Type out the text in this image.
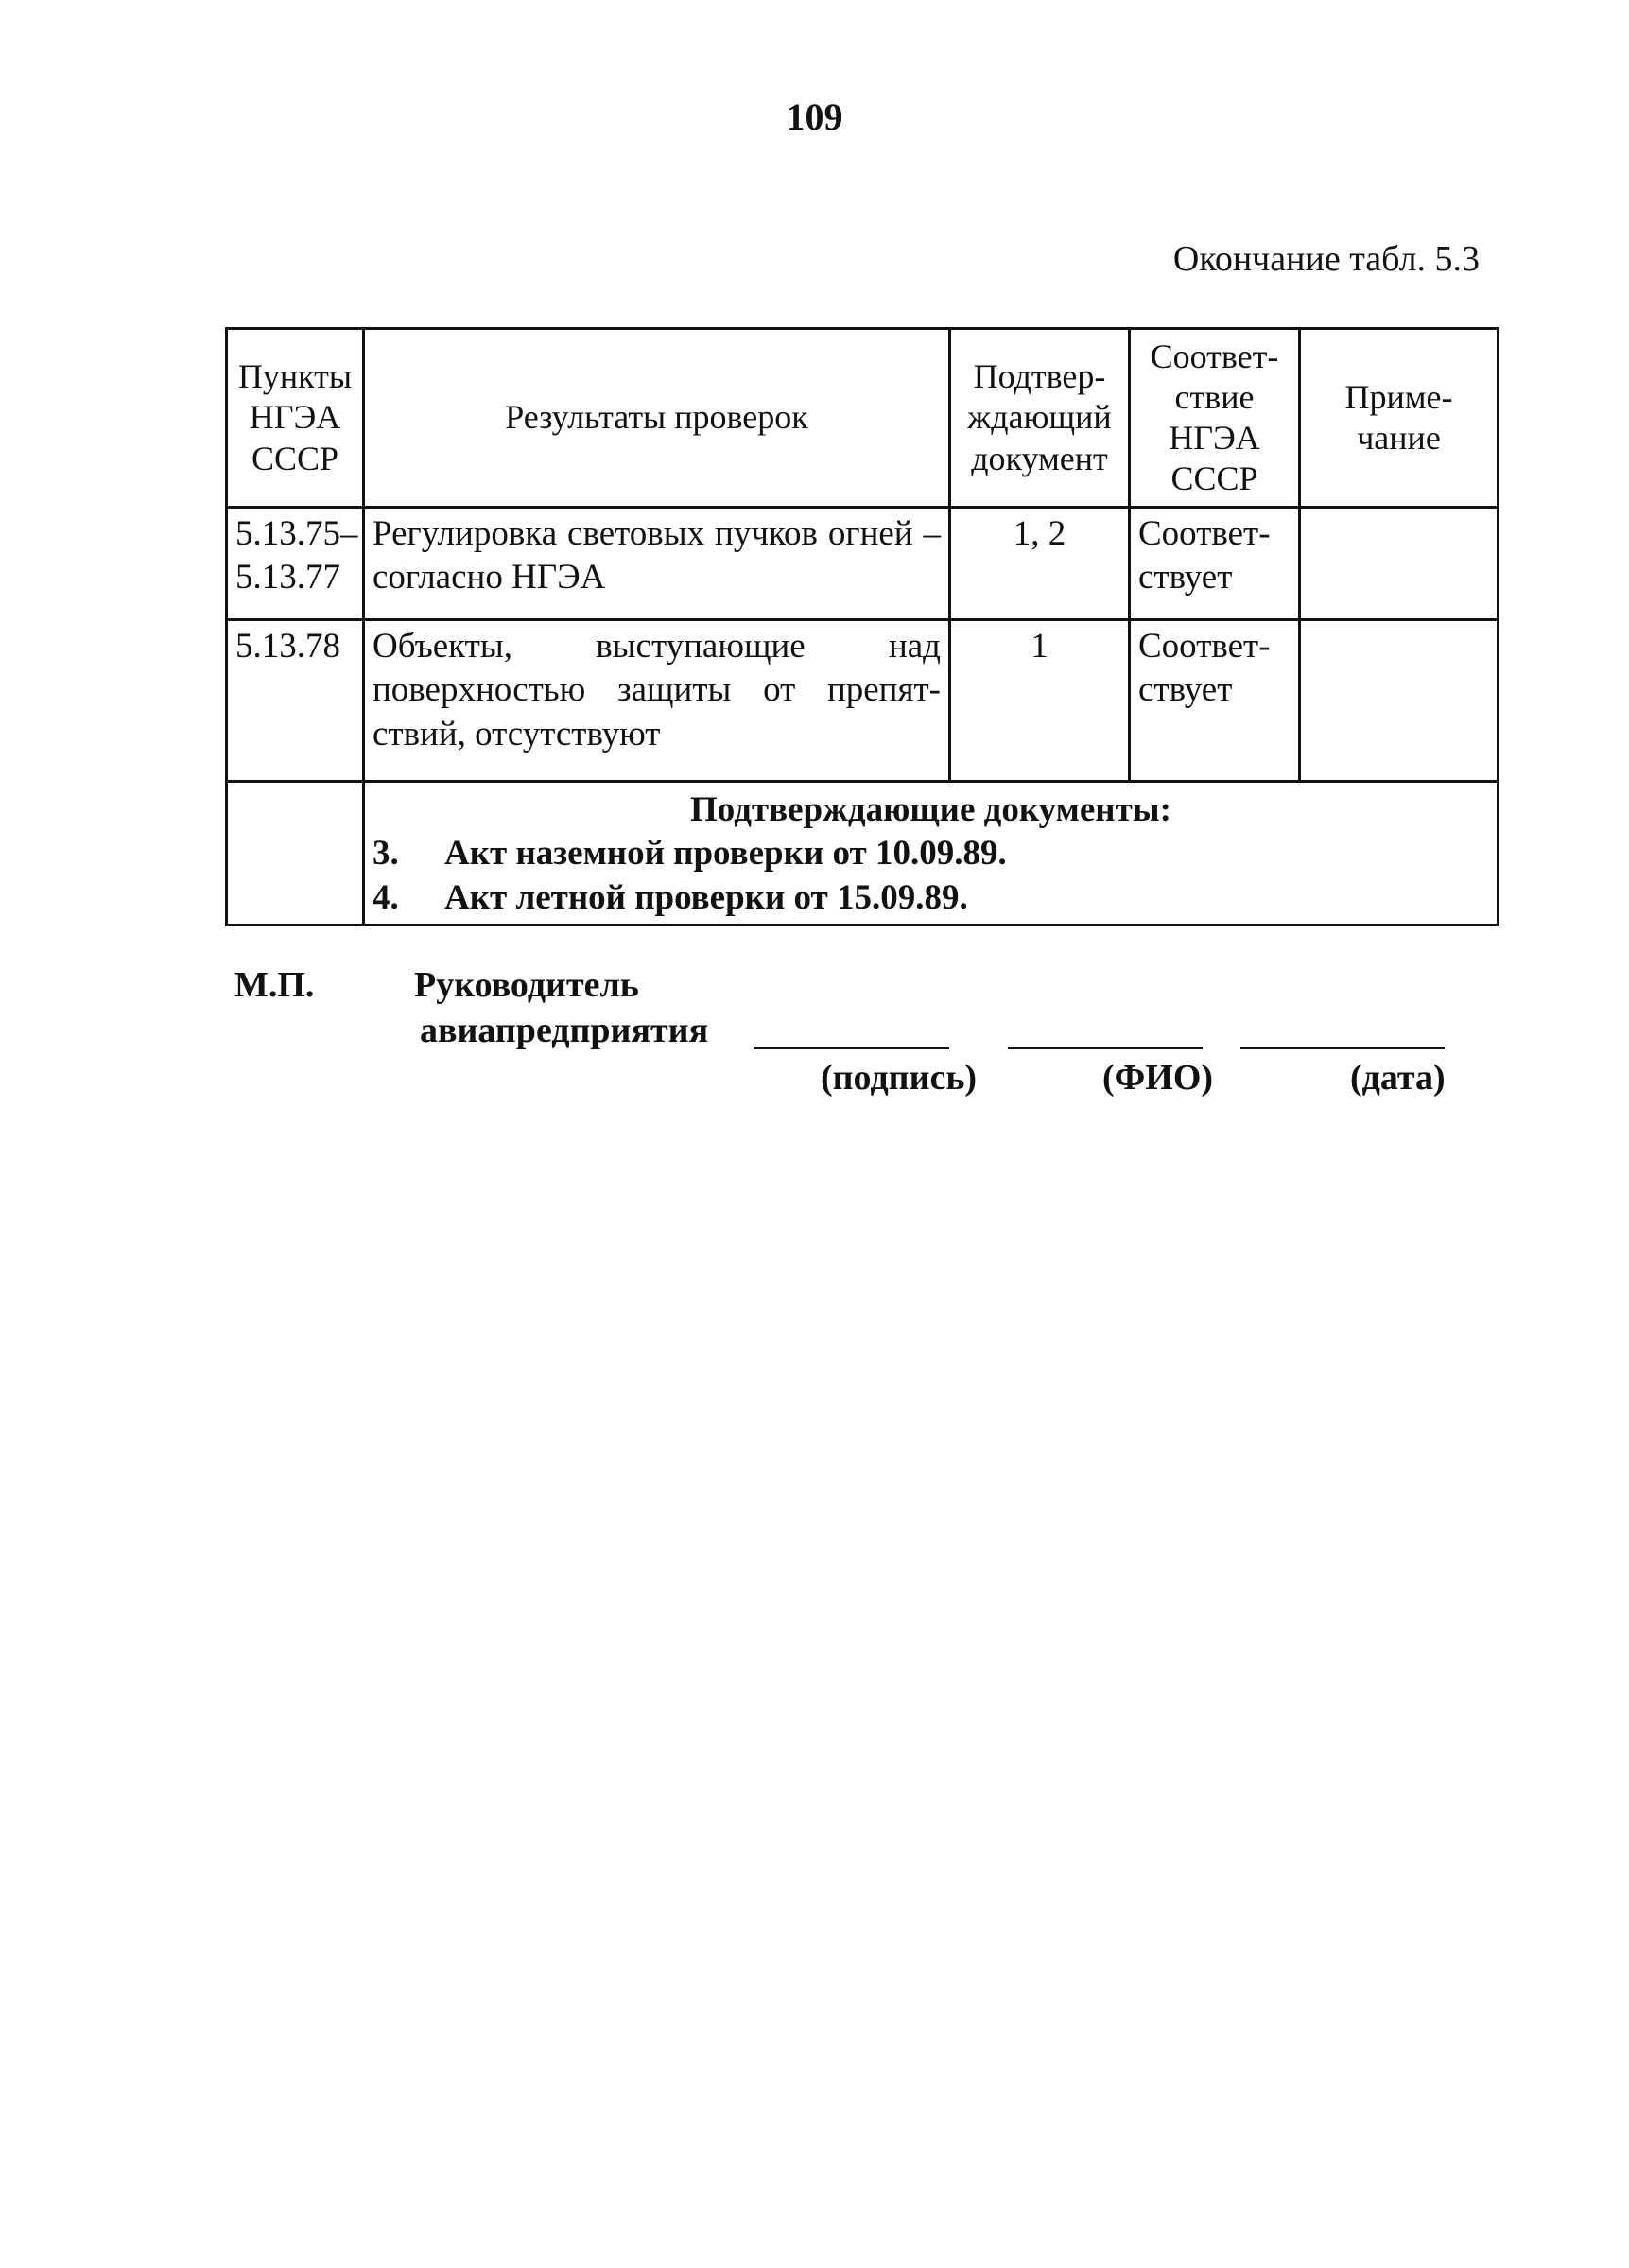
109
Окончание табл. 5.3
Пункты НГЭА СССР	Результаты проверок	Подтвер-ждающий документ	Соответ-ствие НГЭА СССР	Приме-чание
5.13.75–5.13.77	Регулировка световых пучков огней – согласно НГЭА	1, 2	Соответ-ствует	
5.13.78	Объекты, выступающие над поверхностью защиты от препят-ствий, отсутствуют	1	Соответ-ствует	

	Подтверждающие документы:
3. Акт наземной проверки от 10.09.89.
4. Акт летной проверки от 15.09.89.			
М.П.	Руководитель
авиапредприятия
(подпись)	(ФИО)	(дата)
